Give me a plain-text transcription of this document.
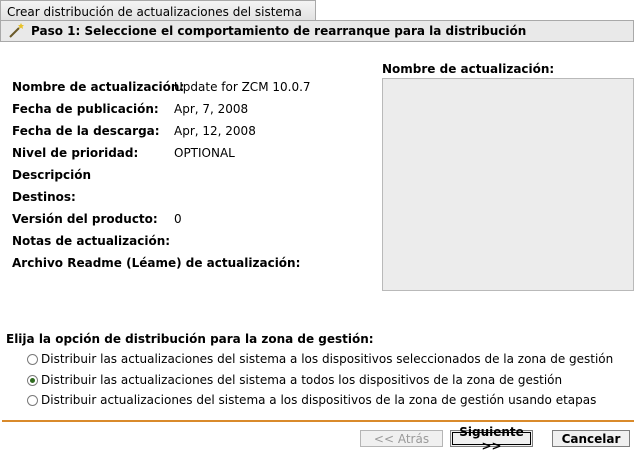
Crear distribución de actualizaciones del sistema
Paso 1: Seleccione el comportamiento de rearranque para la distribución
Nombre de actualización:
Update for ZCM 10.0.7
Fecha de publicación: Apr, 7, 2008
Fecha de la descarga: Apr, 12, 2008
Nivel de prioridad:	OPTIONAL
Descripción
Destinos:
Versión del producto: 0
Notas de actualización:
Archivo Readme (Léame) de actualización:
Nombre de actualización:
Elija la opción de distribución para la zona de gestión:
Distribuir las actualizaciones del sistema a los dispositivos seleccionados de la zona de gestión
Distribuir las actualizaciones del sistema a todos los dispositivos de la zona de gestión
Distribuir actualizaciones del sistema a los dispositivos de la zona de gestión usando etapas
<< Atrás	Siguiente >>	Cancelar
